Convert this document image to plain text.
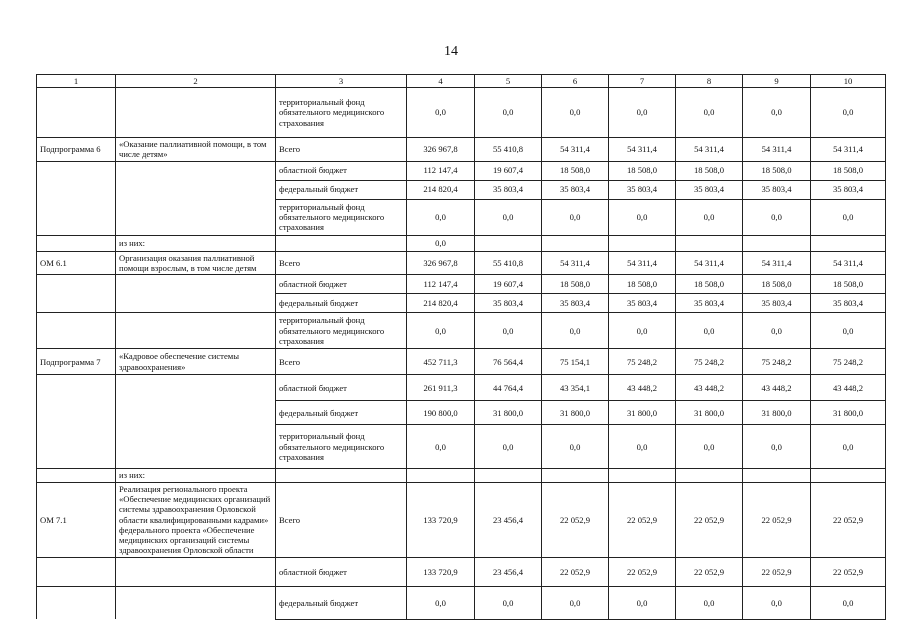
14
1	2	3	4	5	6	7	8	9	10
		территориальный фонд обязательного медицинского страхования	0,0	0,0	0,0	0,0	0,0	0,0	0,0
Подпрограмма 6	«Оказание паллиативной помощи, в том числе детям»	Всего	326 967,8	55 410,8	54 311,4	54 311,4	54 311,4	54 311,4	54 311,4
		областной бюджет	112 147,4	19 607,4	18 508,0	18 508,0	18 508,0	18 508,0	18 508,0
		федеральный бюджет	214 820,4	35 803,4	35 803,4	35 803,4	35 803,4	35 803,4	35 803,4
		территориальный фонд обязательного медицинского страхования	0,0	0,0	0,0	0,0	0,0	0,0	0,0
	из них:		0,0						
ОМ 6.1	Организация оказания паллиативной помощи взрослым, в том числе детям	Всего	326 967,8	55 410,8	54 311,4	54 311,4	54 311,4	54 311,4	54 311,4
		областной бюджет	112 147,4	19 607,4	18 508,0	18 508,0	18 508,0	18 508,0	18 508,0
		федеральный бюджет	214 820,4	35 803,4	35 803,4	35 803,4	35 803,4	35 803,4	35 803,4
		территориальный фонд обязательного медицинского страхования	0,0	0,0	0,0	0,0	0,0	0,0	0,0
Подпрограмма 7	«Кадровое обеспечение системы здравоохранения»	Всего	452 711,3	76 564,4	75 154,1	75 248,2	75 248,2	75 248,2	75 248,2
		областной бюджет	261 911,3	44 764,4	43 354,1	43 448,2	43 448,2	43 448,2	43 448,2
		федеральный бюджет	190 800,0	31 800,0	31 800,0	31 800,0	31 800,0	31 800,0	31 800,0
		территориальный фонд обязательного медицинского страхования	0,0	0,0	0,0	0,0	0,0	0,0	0,0
	из них:								
ОМ 7.1	Реализация регионального проекта «Обеспечение медицинских организаций системы здравоохранения Орловской области квалифицированными кадрами» федерального проекта «Обеспечение медицинских организаций системы здравоохранения Орловской области	Всего	133 720,9	23 456,4	22 052,9	22 052,9	22 052,9	22 052,9	22 052,9
		областной бюджет	133 720,9	23 456,4	22 052,9	22 052,9	22 052,9	22 052,9	22 052,9
		федеральный бюджет	0,0	0,0	0,0	0,0	0,0	0,0	0,0
